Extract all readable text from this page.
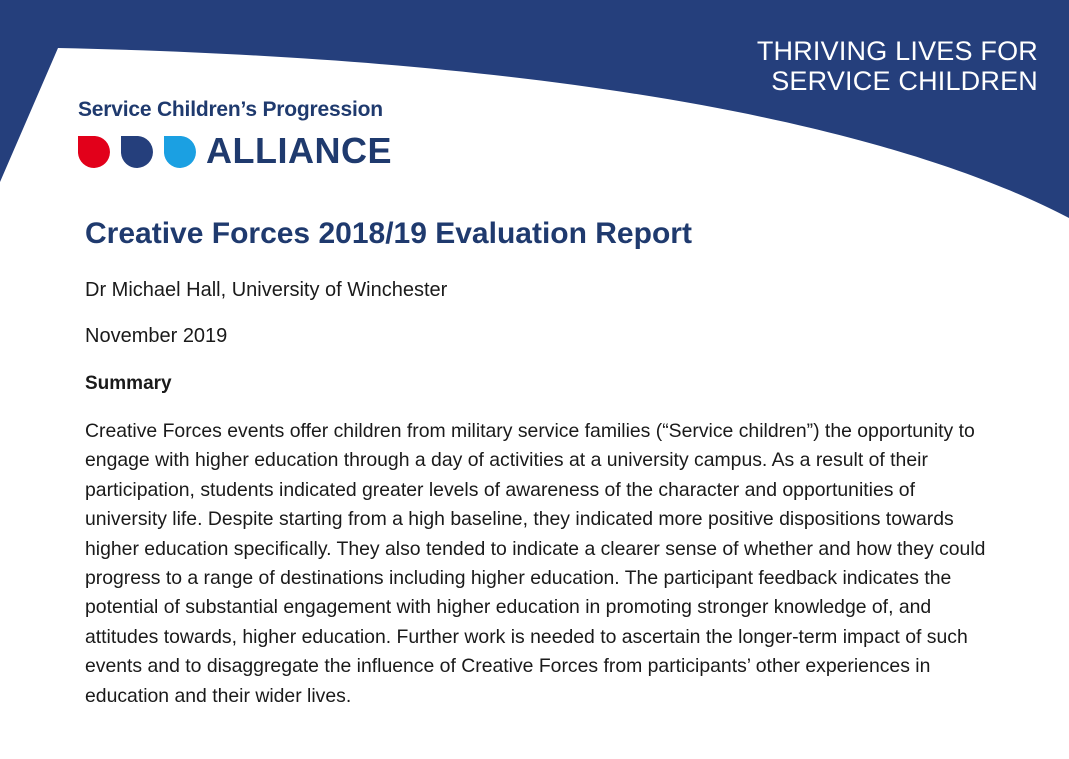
THRIVING LIVES FOR
SERVICE CHILDREN
Service Children’s Progression
ALLIANCE
Creative Forces 2018/19 Evaluation Report

Dr Michael Hall, University of Winchester

November 2019

Summary

Creative Forces events offer children from military service families (“Service children”) the opportunity to engage with higher education through a day of activities at a university campus. As a result of their participation, students indicated greater levels of awareness of the character and opportunities of university life. Despite starting from a high baseline, they indicated more positive dispositions towards higher education specifically. They also tended to indicate a clearer sense of whether and how they could progress to a range of destinations including higher education. The participant feedback indicates the potential of substantial engagement with higher education in promoting stronger knowledge of, and attitudes towards, higher education. Further work is needed to ascertain the longer-term impact of such events and to disaggregate the influence of Creative Forces from participants’ other experiences in education and their wider lives.
